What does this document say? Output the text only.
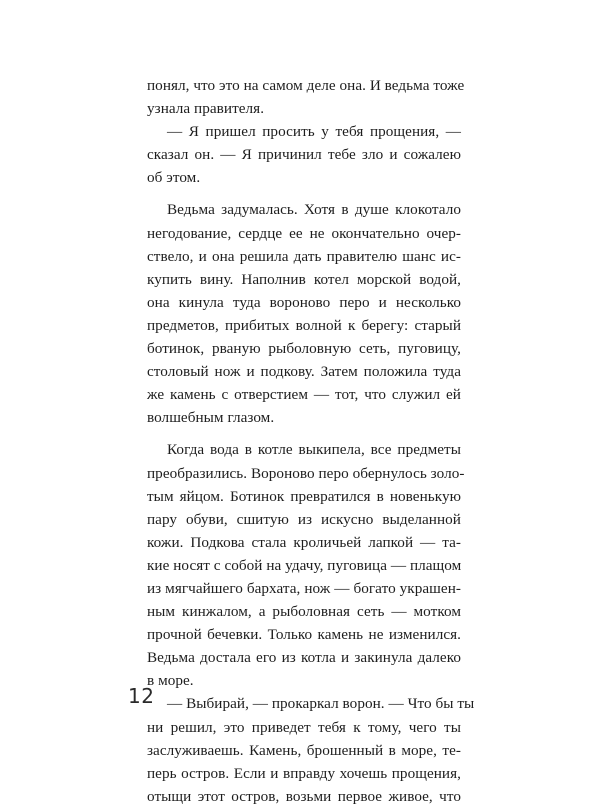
понял, что это на самом деле она. И ведьма тоже
узнала правителя.
— Я пришел просить у тебя прощения, —
сказал он. — Я причинил тебе зло и сожалею
об этом.
Ведьма задумалась. Хотя в душе клокотало
негодование, сердце ее не окончательно очер-
ствело, и она решила дать правителю шанс ис-
купить вину. Наполнив котел морской водой,
она кинула туда вороново перо и несколько
предметов, прибитых волной к берегу: старый
ботинок, рваную рыболовную сеть, пуговицу,
столовый нож и подкову. Затем положила туда
же камень с отверстием — тот, что служил ей
волшебным глазом.
Когда вода в котле выкипела, все предметы
преобразились. Вороново перо обернулось золо-
тым яйцом. Ботинок превратился в новенькую
пару обуви, сшитую из искусно выделанной
кожи. Подкова стала кроличьей лапкой — та-
кие носят с собой на удачу, пуговица — плащом
из мягчайшего бархата, нож — богато украшен-
ным кинжалом, а рыболовная сеть — мотком
прочной бечевки. Только камень не изменился.
Ведьма достала его из котла и закинула далеко
в море.
— Выбирай, — прокаркал ворон. — Что бы ты
ни решил, это приведет тебя к тому, чего ты
заслуживаешь. Камень, брошенный в море, те-
перь остров. Если и вправду хочешь прощения,
отыщи этот остров, возьми первое живое, что
12
